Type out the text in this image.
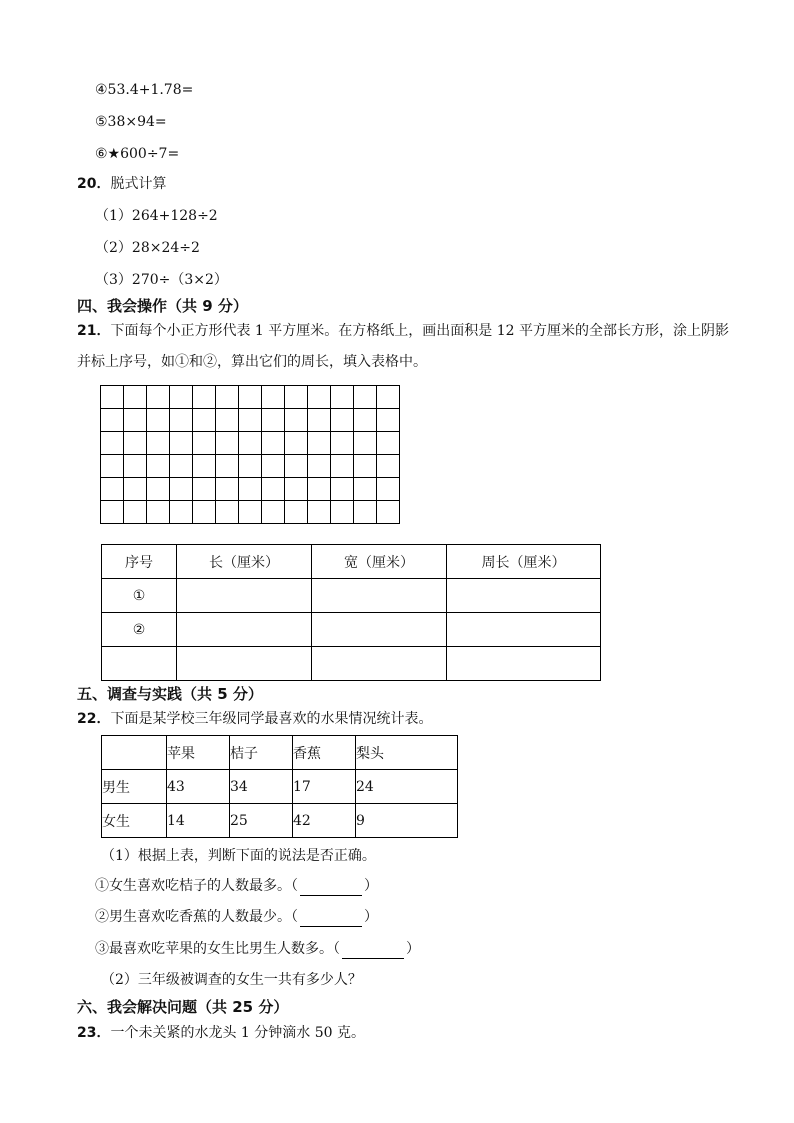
④53.4+1.78=
⑤38×94=
⑥★600÷7=
20．脱式计算
（1）264+128÷2
（2）28×24÷2
（3）270÷（3×2）
四、我会操作（共 9 分）
21．下面每个小正方形代表 1 平方厘米。在方格纸上，画出面积是 12 平方厘米的全部长方形，涂上阴影
并标上序号，如①和②，算出它们的周长，填入表格中。

序号	长（厘米）	宽（厘米）	周长（厘米）
①			
②			

五、调查与实践（共 5 分）
22．下面是某学校三年级同学最喜欢的水果情况统计表。
	苹果	桔子	香蕉	梨头
男生	43	34	17	24
女生	14	25	42	9
（1）根据上表，判断下面的说法是否正确。
①女生喜欢吃桔子的人数最多。（	）
②男生喜欢吃香蕉的人数最少。（	）
③最喜欢吃苹果的女生比男生人数多。（	）
（2）三年级被调查的女生一共有多少人？
六、我会解决问题（共 25 分）
23．一个未关紧的水龙头 1 分钟滴水 50 克。
